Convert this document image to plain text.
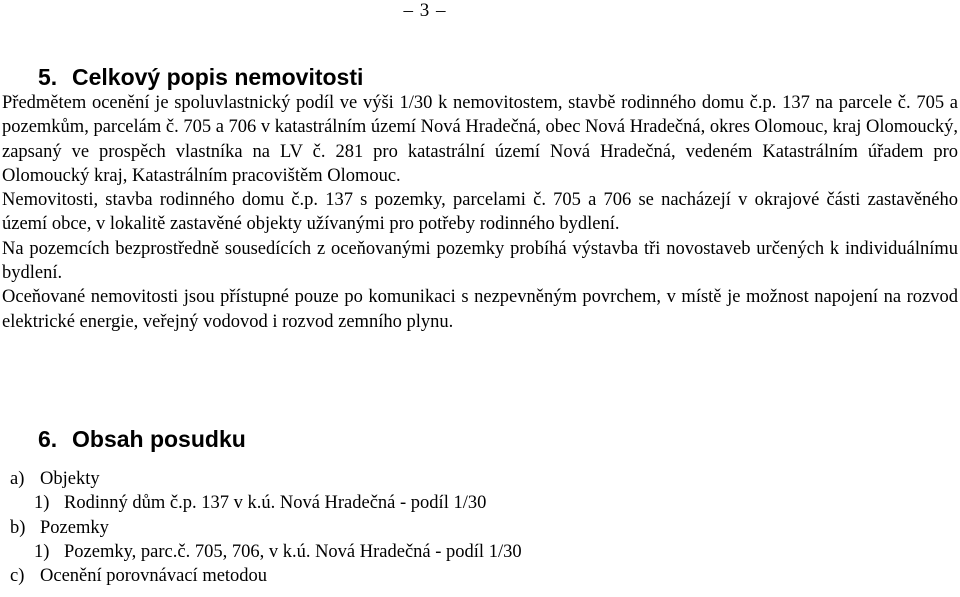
– 3 –
5. Celkový popis nemovitosti

Předmětem ocenění je spoluvlastnický podíl ve výši 1/30 k nemovitostem, stavbě rodinného domu č.p. 137 na parcele č. 705 a pozemkům, parcelám č. 705 a 706 v katastrálním území Nová Hradečná, obec Nová Hradečná, okres Olomouc, kraj Olomoucký, zapsaný ve prospěch vlastníka na LV č. 281 pro katastrální území Nová Hradečná, vedeném Katastrálním úřadem pro Olomoucký kraj, Katastrálním pracovištěm Olomouc.

Nemovitosti, stavba rodinného domu č.p. 137 s pozemky, parcelami č. 705 a 706 se nacházejí v okrajové části zastavěného území obce, v lokalitě zastavěné objekty užívanými pro potřeby rodinného bydlení.

Na pozemcích bezprostředně sousedících z oceňovanými pozemky probíhá výstavba tři novostaveb určených k individuálnímu bydlení.

Oceňované nemovitosti jsou přístupné pouze po komunikaci s nezpevněným povrchem, v místě je možnost napojení na rozvod elektrické energie, veřejný vodovod i rozvod zemního plynu.

6. Obsah posudku
a) Objekty
1) Rodinný dům č.p. 137 v k.ú. Nová Hradečná - podíl 1/30
b) Pozemky
1) Pozemky, parc.č. 705, 706, v k.ú. Nová Hradečná - podíl 1/30
c) Ocenění porovnávací metodou
